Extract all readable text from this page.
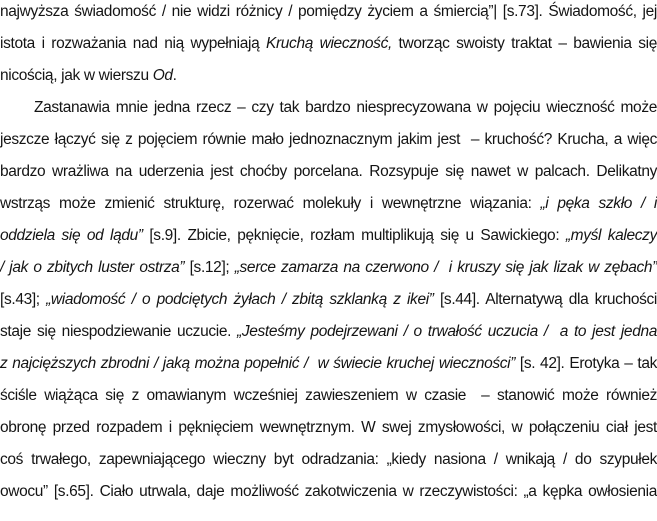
najwyższa świadomość / nie widzi różnicy / pomiędzy życiem a śmiercią”| [s.73]. Świadomość, jej
istota i rozważania nad nią wypełniają Kruchą wieczność, tworząc swoisty traktat – bawienia się
nicością, jak w wierszu Od.
Zastanawia mnie jedna rzecz – czy tak bardzo niesprecyzowana w pojęciu wieczność może
jeszcze łączyć się z pojęciem równie mało jednoznacznym jakim jest  – kruchość? Krucha, a więc
bardzo wrażliwa na uderzenia jest choćby porcelana. Rozsypuje się nawet w palcach. Delikatny
wstrząs może zmienić strukturę, rozerwać molekuły i wewnętrzne wiązania: „i pęka szkło / i
oddziela się od lądu” [s.9]. Zbicie, pęknięcie, rozłam multiplikują się u Sawickiego: „myśl kaleczy
/ jak o zbitych luster ostrza” [s.12]; „serce zamarza na czerwono /  i kruszy się jak lizak w zębach”
[s.43]; „wiadomość / o podciętych żyłach / zbitą szklanką z ikei” [s.44]. Alternatywą dla kruchości
staje się niespodziewanie uczucie. „Jesteśmy podejrzewani / o trwałość uczucia /  a to jest jedna
z najcięższych zbrodni / jaką można popełnić /  w świecie kruchej wieczności” [s. 42]. Erotyka – tak
ściśle wiążąca się z omawianym wcześniej zawieszeniem w czasie  – stanowić może również
obronę przed rozpadem i pęknięciem wewnętrznym. W swej zmysłowości, w połączeniu ciał jest
coś trwałego, zapewniającego wieczny byt odradzania: „kiedy nasiona / wnikają / do szypułek
owocu” [s.65]. Ciało utrwala, daje możliwość zakotwiczenia w rzeczywistości: „a kępka owłosienia
